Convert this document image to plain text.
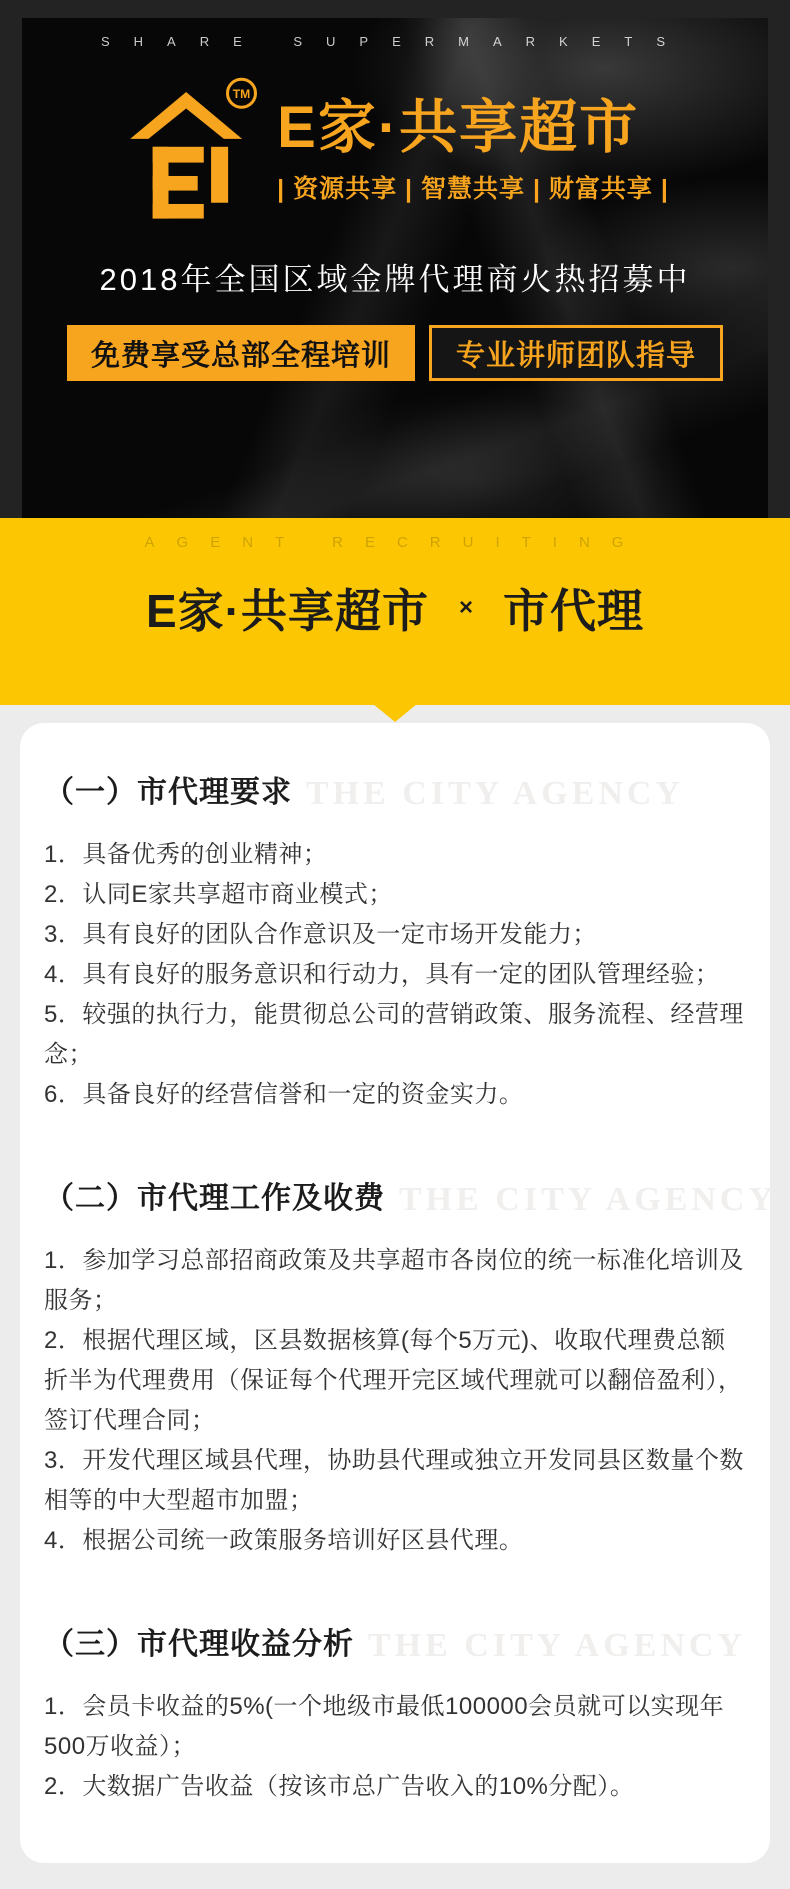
SHARE SUPERMARKETS
TM
E家·共享超市
| 资源共享 | 智慧共享 | 财富共享 |
2018年全国区域金牌代理商火热招募中
免费享受总部全程培训	专业讲师团队指导
AGENT RECRUITING
E家·共享超市 × 市代理
（一）市代理要求 THE CITY AGENCY

1．具备优秀的创业精神；

2．认同E家共享超市商业模式；

3．具有良好的团队合作意识及一定市场开发能力；

4．具有良好的服务意识和行动力，具有一定的团队管理经验；

5．较强的执行力，能贯彻总公司的营销政策、服务流程、经营理念；

6．具备良好的经营信誉和一定的资金实力。

（二）市代理工作及收费 THE CITY AGENCY

1．参加学习总部招商政策及共享超市各岗位的统一标准化培训及服务；

2．根据代理区域，区县数据核算(每个5万元)、收取代理费总额折半为代理费用（保证每个代理开完区域代理就可以翻倍盈利），签订代理合同；

3．开发代理区域县代理，协助县代理或独立开发同县区数量个数相等的中大型超市加盟；

4．根据公司统一政策服务培训好区县代理。

（三）市代理收益分析 THE CITY AGENCY

1．会员卡收益的5%(一个地级市最低100000会员就可以实现年500万收益）；

2．大数据广告收益（按该市总广告收入的10%分配）。
